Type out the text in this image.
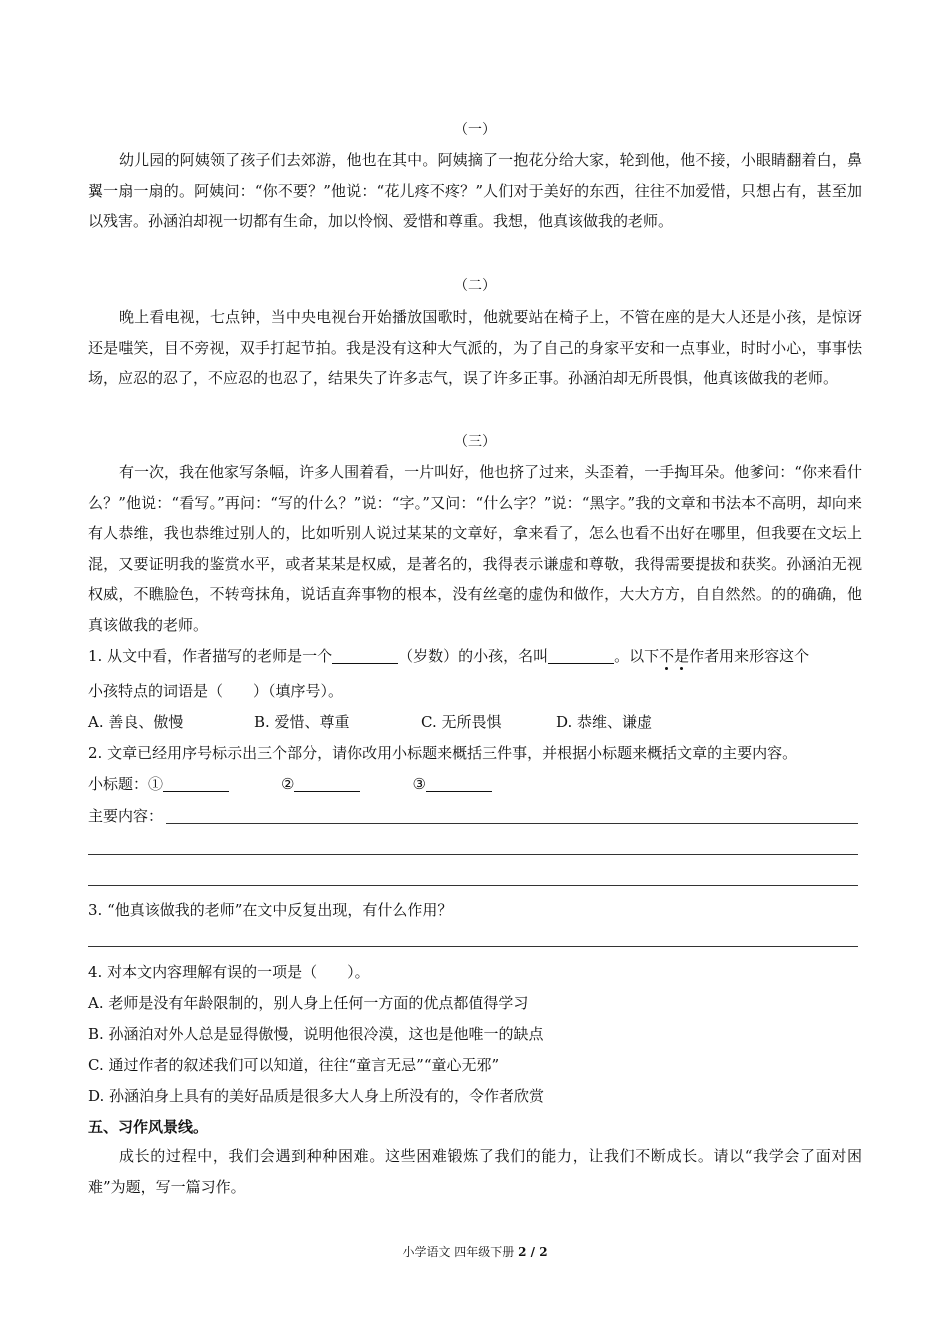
（一）

幼儿园的阿姨领了孩子们去郊游，他也在其中。阿姨摘了一抱花分给大家，轮到他，他不接，小眼睛翻着白，鼻翼一扇一扇的。阿姨问：“你不要？”他说：“花儿疼不疼？”人们对于美好的东西，往往不加爱惜，只想占有，甚至加以残害。孙涵泊却视一切都有生命，加以怜悯、爱惜和尊重。我想，他真该做我的老师。

（二）

晚上看电视，七点钟，当中央电视台开始播放国歌时，他就要站在椅子上，不管在座的是大人还是小孩，是惊讶还是嗤笑，目不旁视，双手打起节拍。我是没有这种大气派的，为了自己的身家平安和一点事业，时时小心，事事怯场，应忍的忍了，不应忍的也忍了，结果失了许多志气，误了许多正事。孙涵泊却无所畏惧，他真该做我的老师。

（三）

有一次，我在他家写条幅，许多人围着看，一片叫好，他也挤了过来，头歪着，一手掏耳朵。他爹问：“你来看什么？”他说：“看写。”再问：“写的什么？”说：“字。”又问：“什么字？”说：“黑字。”我的文章和书法本不高明，却向来有人恭维，我也恭维过别人的，比如听别人说过某某的文章好，拿来看了，怎么也看不出好在哪里，但我要在文坛上混，又要证明我的鉴赏水平，或者某某是权威，是著名的，我得表示谦虚和尊敬，我得需要提拔和获奖。孙涵泊无视权威，不瞧脸色，不转弯抹角，说话直奔事物的根本，没有丝毫的虚伪和做作，大大方方，自自然然。的的确确，他真该做我的老师。

1. 从文中看，作者描写的老师是一个	（岁数）的小孩，名叫	。以下不是作者用来形容这个
小孩特点的词语是（　　）（填序号）。
A. 善良、傲慢	B. 爱惜、尊重	C. 无所畏惧	D. 恭维、谦虚
2. 文章已经用序号标示出三个部分，请你改用小标题来概括三件事，并根据小标题来概括文章的主要内容。
小标题：①	②	③
主要内容：
3. “他真该做我的老师”在文中反复出现，有什么作用？
4. 对本文内容理解有误的一项是（　　）。
A. 老师是没有年龄限制的，别人身上任何一方面的优点都值得学习
B. 孙涵泊对外人总是显得傲慢，说明他很冷漠，这也是他唯一的缺点
C. 通过作者的叙述我们可以知道，往往“童言无忌”“童心无邪”
D. 孙涵泊身上具有的美好品质是很多大人身上所没有的，令作者欣赏
五、习作风景线。

成长的过程中，我们会遇到种种困难。这些困难锻炼了我们的能力，让我们不断成长。请以“我学会了面对困难”为题，写一篇习作。

小学语文 四年级下册 2 / 2
